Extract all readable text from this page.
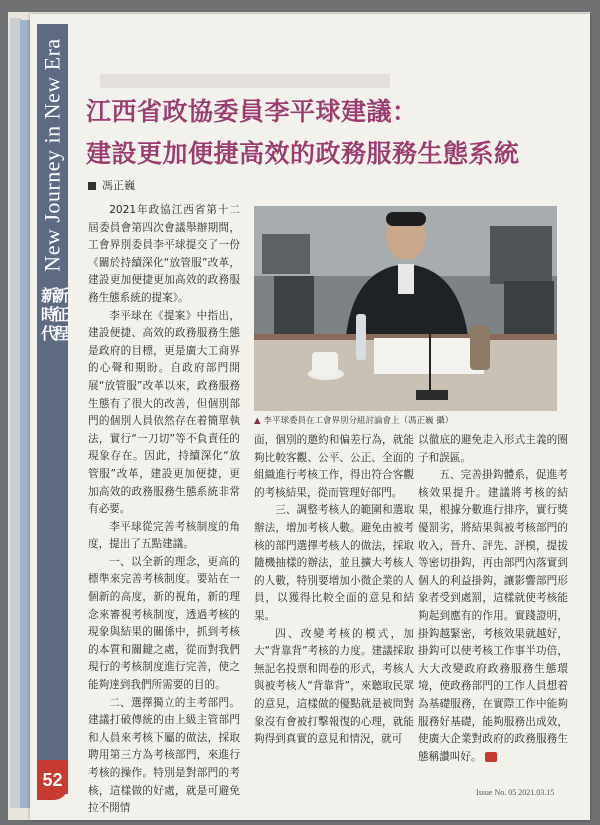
New Journey in New Era
新時代新征程
52
江西省政協委員李平球建議：
建設更加便捷高效的政務服務生態系統
馮正巍

2021年政協江西省第十二屆委員會第四次會議舉辦期間，工會界別委員李平球提交了一份《關於持續深化“放管服”改革，建設更加便捷更加高效的政務服務生態系統的提案》。

李平球在《提案》中指出，建設便捷、高效的政務服務生態是政府的目標，更是廣大工商界的心聲和期盼。自政府部門開展“放管服”改革以來，政務服務生態有了很大的改善，但個別部門的個別人員依然存在着簡單執法，實行“一刀切”等不負責任的現象存在。因此，持續深化“放管服”改革，建設更加便捷，更加高效的政務服務生態系統非常有必要。

李平球從完善考核制度的角度，提出了五點建議。

一、以全新的理念，更高的標準來完善考核制度。要站在一個新的高度，新的視角，新的理念來審視考核制度，透過考核的現象與結果的關係中，抓到考核的本質和關鍵之處，從而對我們現行的考核制度進行完善，使之能夠達到我們所需要的目的。

二、選擇獨立的主考部門。建議打破傳統的由上級主管部門和人員來考核下屬的做法，採取聘用第三方為考核部門，來進行考核的操作。特別是對部門的考核，這樣做的好處，就是可避免拉不開情

▲ 李平球委員在工會界別分組討論會上（馮正巍 攝）

面，個別的邀約和偏差行為，就能夠比較客觀、公平、公正、全面的組織進行考核工作，得出符合客觀的考核結果，從而管理好部門。

三、調整考核人的範圍和選取辦法，增加考核人數。避免由被考核的部門選擇考核人的做法，採取隨機抽樣的辦法，並且擴大考核人的人數，特別要增加小微企業的人員，以獲得比較全面的意見和結果。

四、改變考核的模式，加大“背靠背”考核的力度。建議採取無記名投票和問卷的形式，考核人與被考核人“背靠背”，來聽取民眾的意見，這樣做的優點就是被問對象沒有會被打擊報復的心理，就能夠得到真實的意見和情況，就可

以徹底的避免走入形式主義的圈子和誤區。

五、完善掛鈎體系，促進考核效果提升。建議將考核的結果，根據分數進行排序，實行獎優罰劣，將結果與被考核部門的收入，晉升、評先、評模，提拔等密切掛鈎，再由部門內落實到個人的利益掛鈎，讓影響部門形象者受到處罰，這樣就使考核能夠起到應有的作用。實踐證明，掛鈎越緊密，考核效果就越好，掛鈎可以使考核工作事半功倍，大大改變政府政務服務生態環境，使政務部門的工作人員想着為基礎服務，在實際工作中能夠服務好基礎，能夠服務出成效，使廣大企業對政府的政務服務生態稱讚叫好。

Issue No. 05 2021.03.15
